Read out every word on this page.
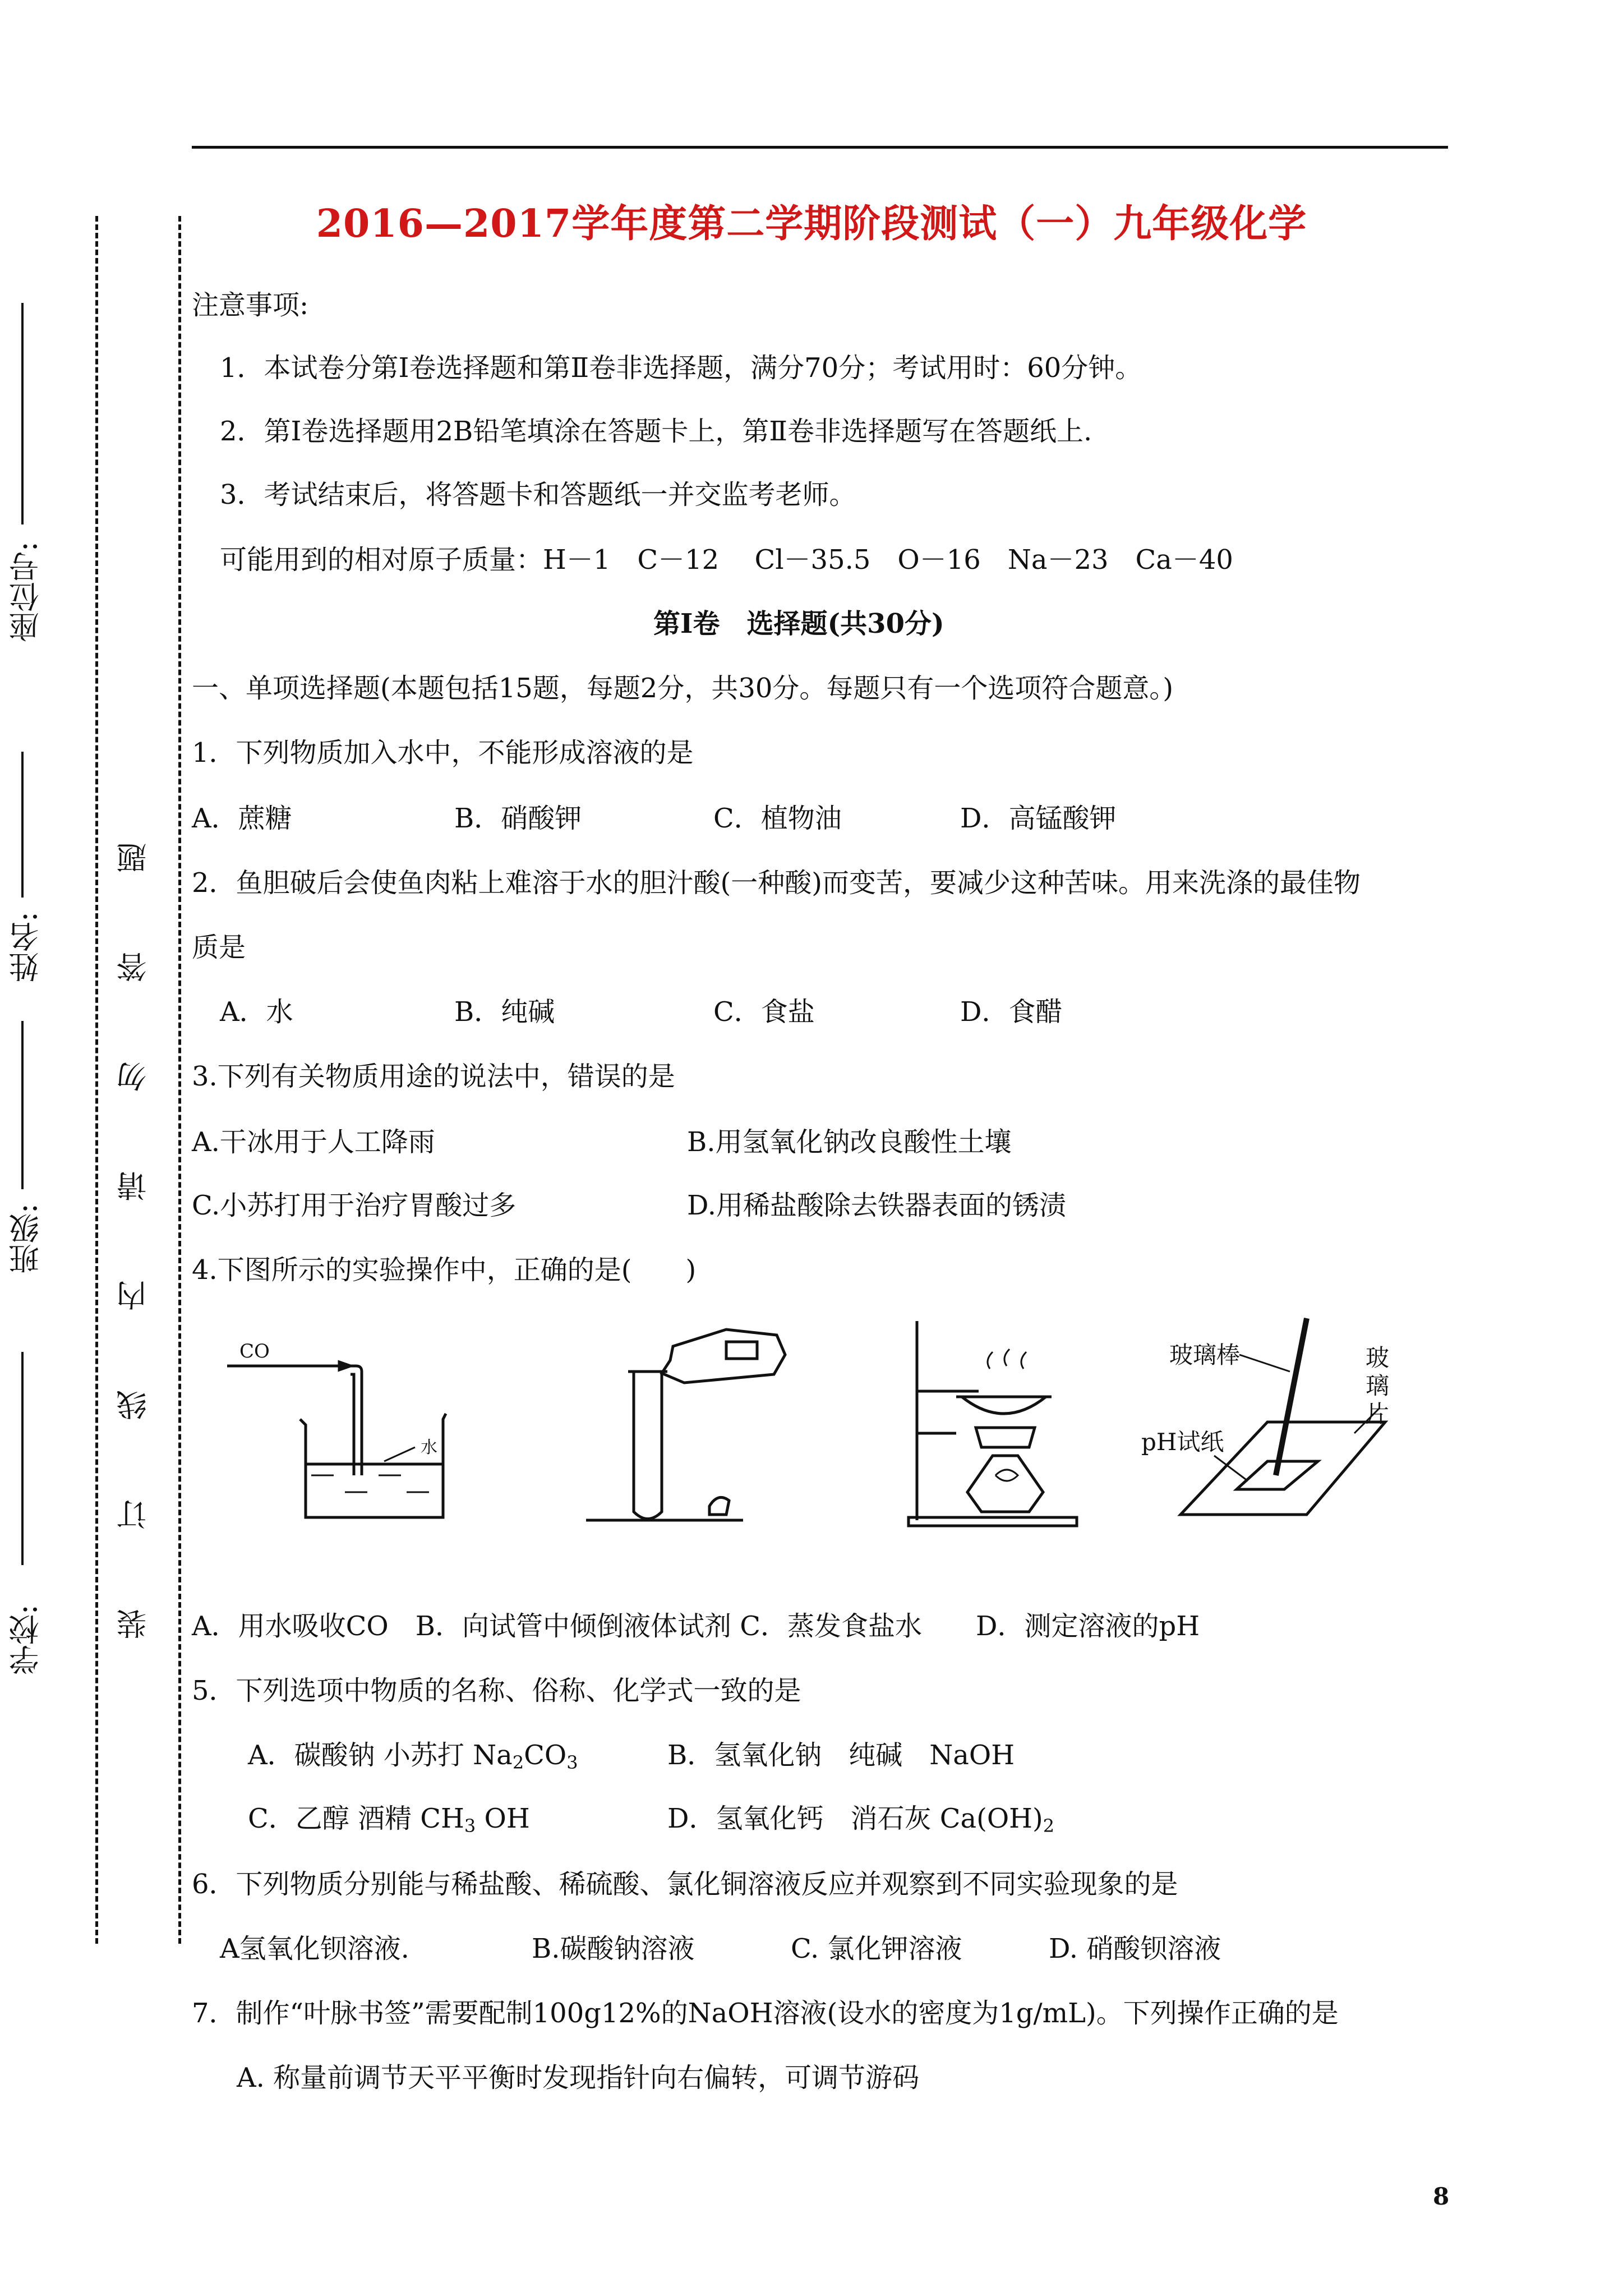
座位号:
姓名:
班级:
学校:
装 订 线 内 请 勿 答 题
2016—2017学年度第二学期阶段测试（一）九年级化学
注意事项:
1．本试卷分第Ⅰ卷选择题和第Ⅱ卷非选择题，满分70分；考试用时：60分钟。
2．第Ⅰ卷选择题用2B铅笔填涂在答题卡上，第Ⅱ卷非选择题写在答题纸上.
3．考试结束后，将答题卡和答题纸一并交监考老师。
可能用到的相对原子质量：H－1　C－12　 Cl－35.5　O－16　Na－23　Ca－40
第Ⅰ卷　选择题(共30分)
一、单项选择题(本题包括15题，每题2分，共30分。每题只有一个选项符合题意。)
1．下列物质加入水中，不能形成溶液的是
A．蔗糖	B．硝酸钾	C．植物油	D．高锰酸钾
2．鱼胆破后会使鱼肉粘上难溶于水的胆汁酸(一种酸)而变苦，要减少这种苦味。用来洗涤的最佳物
质是
A．水	B．纯碱	C．食盐	D．食醋
3.下列有关物质用途的说法中，错误的是
A.干冰用于人工降雨	B.用氢氧化钠改良酸性土壤
C.小苏打用于治疗胃酸过多	D.用稀盐酸除去铁器表面的锈渍
4.下图所示的实验操作中，正确的是(　　)
CO
水
玻璃棒	玻
璃
片
pH试纸
A．用水吸收CO　B．向试管中倾倒液体试剂 C．蒸发食盐水　　D．测定溶液的pH
5．下列选项中物质的名称、俗称、化学式一致的是
A．碳酸钠 小苏打 $Na_2CO_3$	B．氢氧化钠　纯碱　NaOH
C．乙醇 酒精 $CH_3$ OH	D．氢氧化钙　消石灰 $Ca(OH)_2$
6．下列物质分别能与稀盐酸、稀硫酸、氯化铜溶液反应并观察到不同实验现象的是
A氢氧化钡溶液.	B.碳酸钠溶液	C. 氯化钾溶液	D. 硝酸钡溶液
7．制作“叶脉书签”需要配制100g12%的NaOH溶液(设水的密度为1g/mL)。下列操作正确的是
A. 称量前调节天平平衡时发现指针向右偏转，可调节游码
8
